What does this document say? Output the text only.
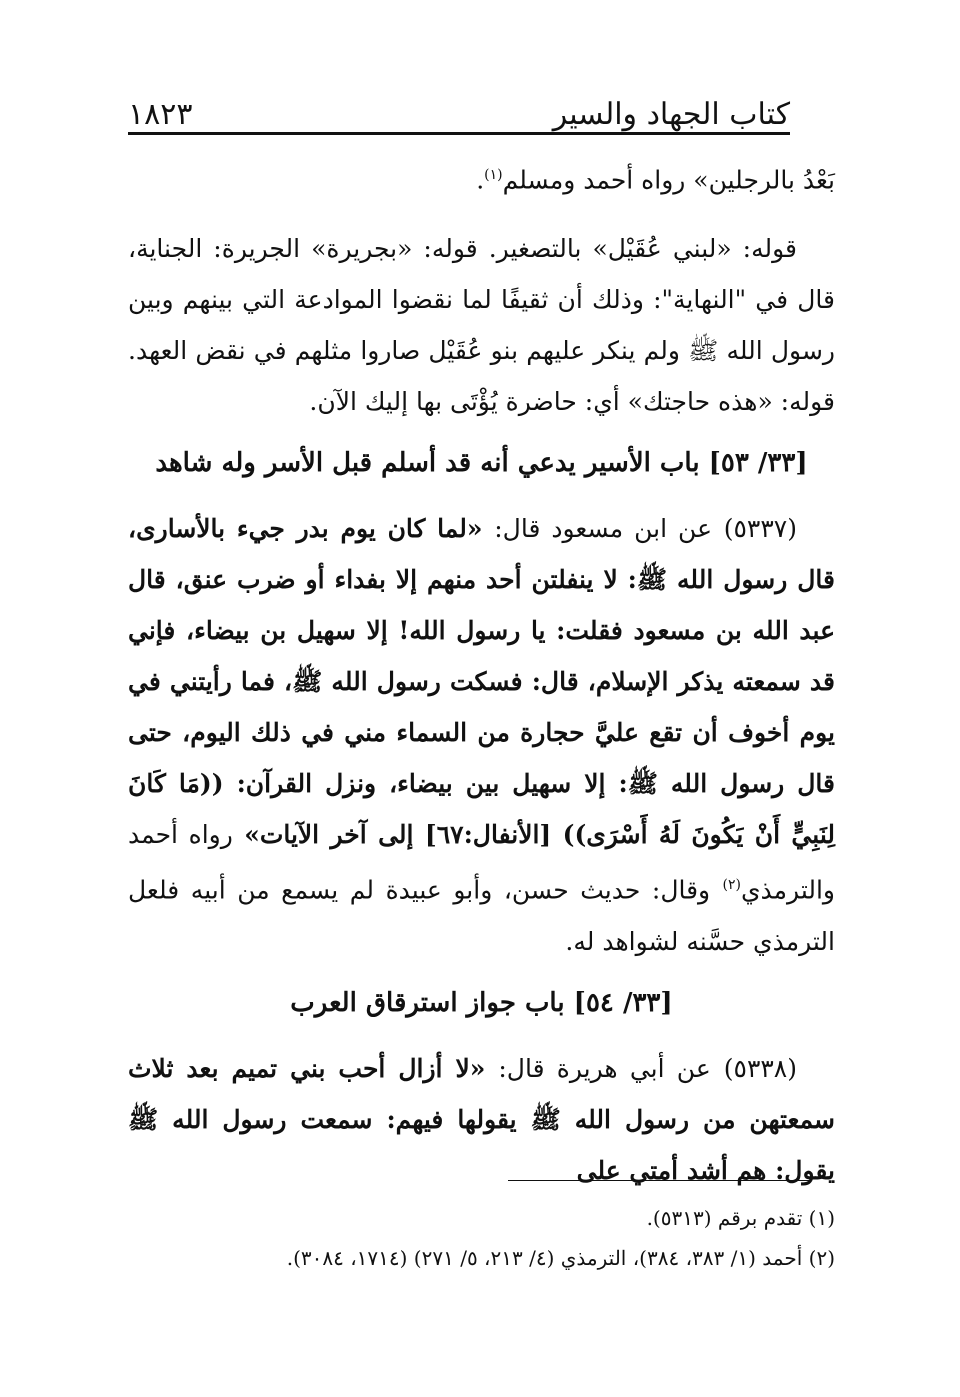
كتاب الجهاد والسير
١٨٢٣

بَعْدُ بالرجلين» رواه أحمد ومسلم$^{(١)}$.

قوله: «لبني عُقَيْل» بالتصغير. قوله: «بجريرة» الجريرة: الجناية، قال في "النهاية": وذلك أن ثقيفًا لما نقضوا الموادعة التي بينهم وبين رسول الله ﷺ ولم ينكر عليهم بنو عُقَيْل صاروا مثلهم في نقض العهد. قوله: «هذه حاجتك» أي: حاضرة يُؤْتَى بها إليك الآن.

[٣٣/ ٥٣] باب الأسير يدعي أنه قد أسلم قبل الأسر وله شاهد

(٥٣٣٧) عن ابن مسعود قال: «لما كان يوم بدر جيء بالأسارى، قال رسول الله ﷺ: لا ينفلتن أحد منهم إلا بفداء أو ضرب عنق، قال عبد الله بن مسعود فقلت: يا رسول الله! إلا سهيل بن بيضاء، فإني قد سمعته يذكر الإسلام، قال: فسكت رسول الله ﷺ، فما رأيتني في يوم أخوف أن تقع عليَّ حجارة من السماء مني في ذلك اليوم، حتى قال رسول الله ﷺ: إلا سهيل بين بيضاء، ونزل القرآن: ((مَا كَانَ لِنَبِيٍّ أَنْ يَكُونَ لَهُ أَسْرَى)) [الأنفال:٦٧] إلى آخر الآيات» رواه أحمد والترمذي$^{(٢)}$ وقال: حديث حسن، وأبو عبيدة لم يسمع من أبيه فلعل الترمذي حسَّنه لشواهد له.

[٣٣/ ٥٤] باب جواز استرقاق العرب

(٥٣٣٨) عن أبي هريرة قال: «لا أزال أحب بني تميم بعد ثلاث سمعتهن من رسول الله ﷺ يقولها فيهم: سمعت رسول الله ﷺ يقول: هم أشد أمتي على

(١) تقدم برقم (٥٣١٣).

(٢) أحمد (١/ ٣٨٣، ٣٨٤)، الترمذي (٤/ ٢١٣، ٥/ ٢٧١) (١٧١٤، ٣٠٨٤).
